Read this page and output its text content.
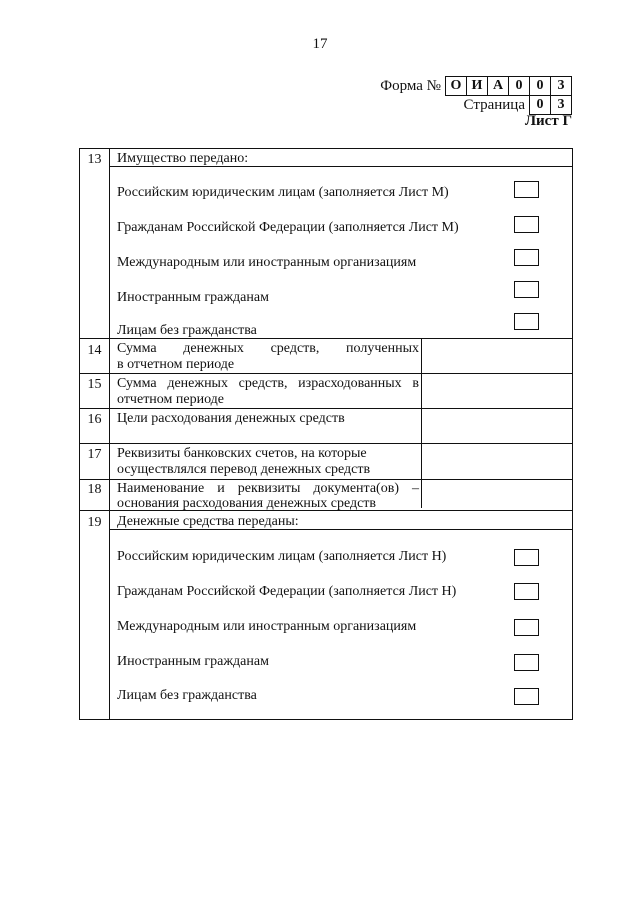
17
Форма № О И А 0	0	3
Страница 0	3
Лист Г
13	Имущество передано:
Российским юридическим лицам (заполняется Лист М)
Гражданам Российской Федерации (заполняется Лист М)
Международным или иностранным организациям
Иностранным гражданам
Лицам без гражданства
14	Сумма денежных средств, полученных
в отчетном периоде
15	Сумма денежных средств, израсходованных в
отчетном периоде
16	Цели расходования денежных средств
17	Реквизиты банковских счетов, на которые
осуществлялся перевод денежных средств
18	Наименование и реквизиты документа(ов) –
основания расходования денежных средств
19	Денежные средства переданы:
Российским юридическим лицам (заполняется Лист Н)
Гражданам Российской Федерации (заполняется Лист Н)
Международным или иностранным организациям
Иностранным гражданам
Лицам без гражданства
